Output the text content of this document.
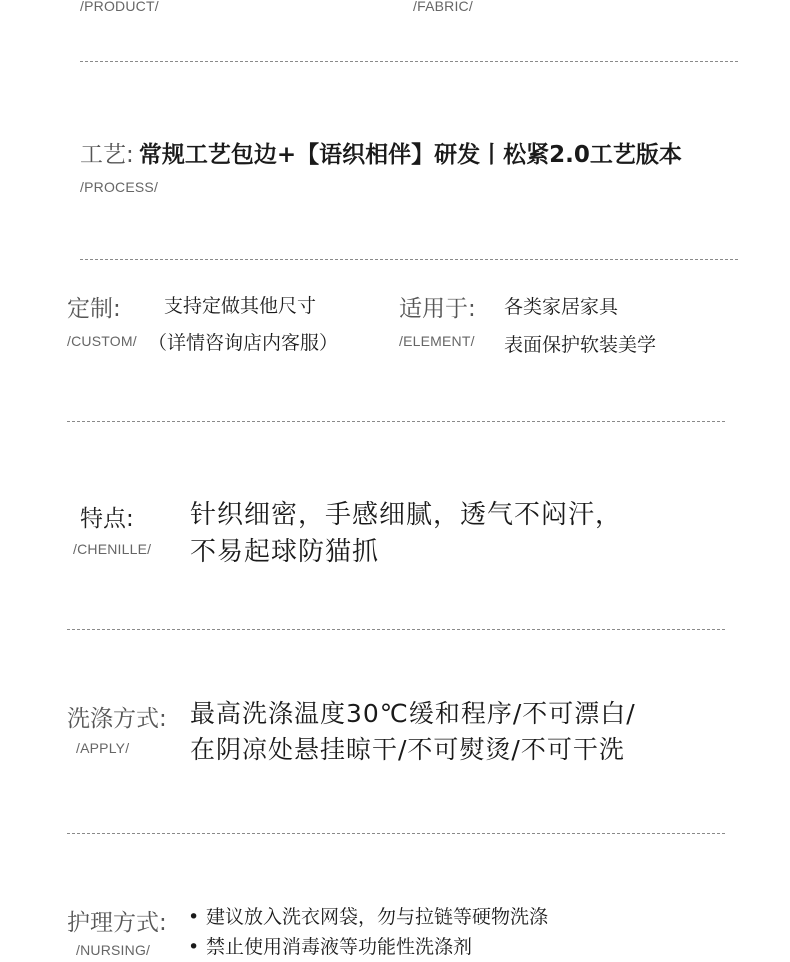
/PRODUCT/	/FABRIC/
工艺: 常规工艺包边+【语织相伴】研发丨松紧2.0工艺版本
/PROCESS/
定制:
/CUSTOM/
支持定做其他尺寸
（详情咨询店内客服）
适用于:
/ELEMENT/
各类家居家具
表面保护软装美学
特点:
/CHENILLE/
针织细密，手感细腻，透气不闷汗，
不易起球防猫抓
洗涤方式:
/APPLY/
最高洗涤温度30℃缓和程序/不可漂白/
在阴凉处悬挂晾干/不可熨烫/不可干洗
护理方式:
/NURSING/
• 建议放入洗衣网袋，勿与拉链等硬物洗涤
• 禁止使用消毒液等功能性洗涤剂
